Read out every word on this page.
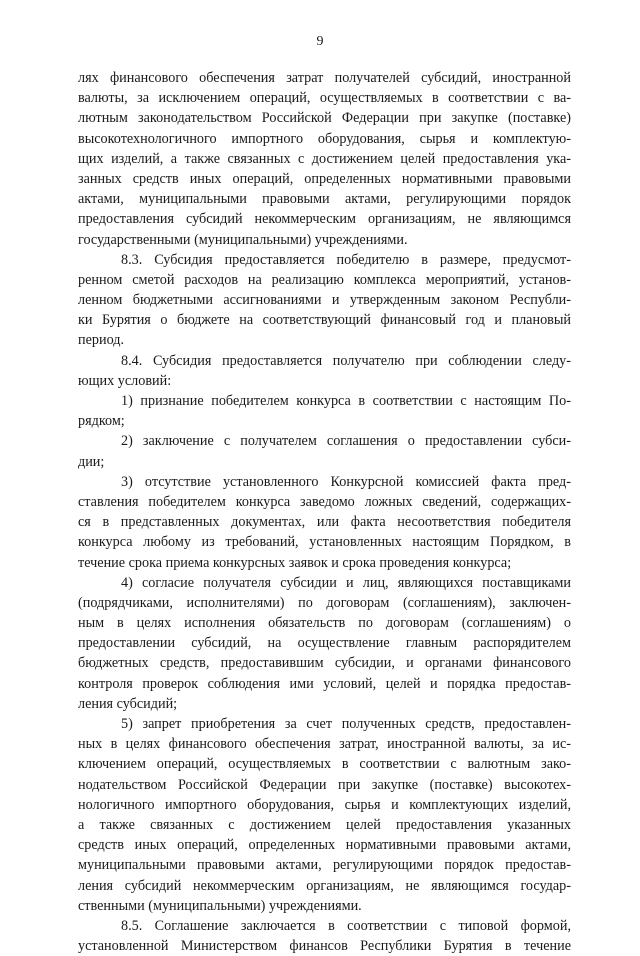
9
лях финансового обеспечения затрат получателей субсидий, иностранной
валюты, за исключением операций, осуществляемых в соответствии с ва-
лютным законодательством Российской Федерации при закупке (поставке)
высокотехнологичного импортного оборудования, сырья и комплектую-
щих изделий, а также связанных с достижением целей предоставления ука-
занных средств иных операций, определенных нормативными правовыми
актами, муниципальными правовыми актами, регулирующими порядок
предоставления субсидий некоммерческим организациям, не являющимся
государственными (муниципальными) учреждениями.
8.3. Субсидия предоставляется победителю в размере, предусмот-
ренном сметой расходов на реализацию комплекса мероприятий, установ-
ленном бюджетными ассигнованиями и утвержденным законом Республи-
ки Бурятия о бюджете на соответствующий финансовый год и плановый
период.
8.4. Субсидия предоставляется получателю при соблюдении следу-
ющих условий:
1) признание победителем конкурса в соответствии с настоящим По-
рядком;
2) заключение с получателем соглашения о предоставлении субси-
дии;
3) отсутствие установленного Конкурсной комиссией факта пред-
ставления победителем конкурса заведомо ложных сведений, содержащих-
ся в представленных документах, или факта несоответствия победителя
конкурса любому из требований, установленных настоящим Порядком, в
течение срока приема конкурсных заявок и срока проведения конкурса;
4) согласие получателя субсидии и лиц, являющихся поставщиками
(подрядчиками, исполнителями) по договорам (соглашениям), заключен-
ным в целях исполнения обязательств по договорам (соглашениям) о
предоставлении субсидий, на осуществление главным распорядителем
бюджетных средств, предоставившим субсидии, и органами финансового
контроля проверок соблюдения ими условий, целей и порядка предостав-
ления субсидий;
5) запрет приобретения за счет полученных средств, предоставлен-
ных в целях финансового обеспечения затрат, иностранной валюты, за ис-
ключением операций, осуществляемых в соответствии с валютным зако-
нодательством Российской Федерации при закупке (поставке) высокотех-
нологичного импортного оборудования, сырья и комплектующих изделий,
а также связанных с достижением целей предоставления указанных
средств иных операций, определенных нормативными правовыми актами,
муниципальными правовыми актами, регулирующими порядок предостав-
ления субсидий некоммерческим организациям, не являющимся государ-
ственными (муниципальными) учреждениями.
8.5. Соглашение заключается в соответствии с типовой формой,
установленной Министерством финансов Республики Бурятия в течение
